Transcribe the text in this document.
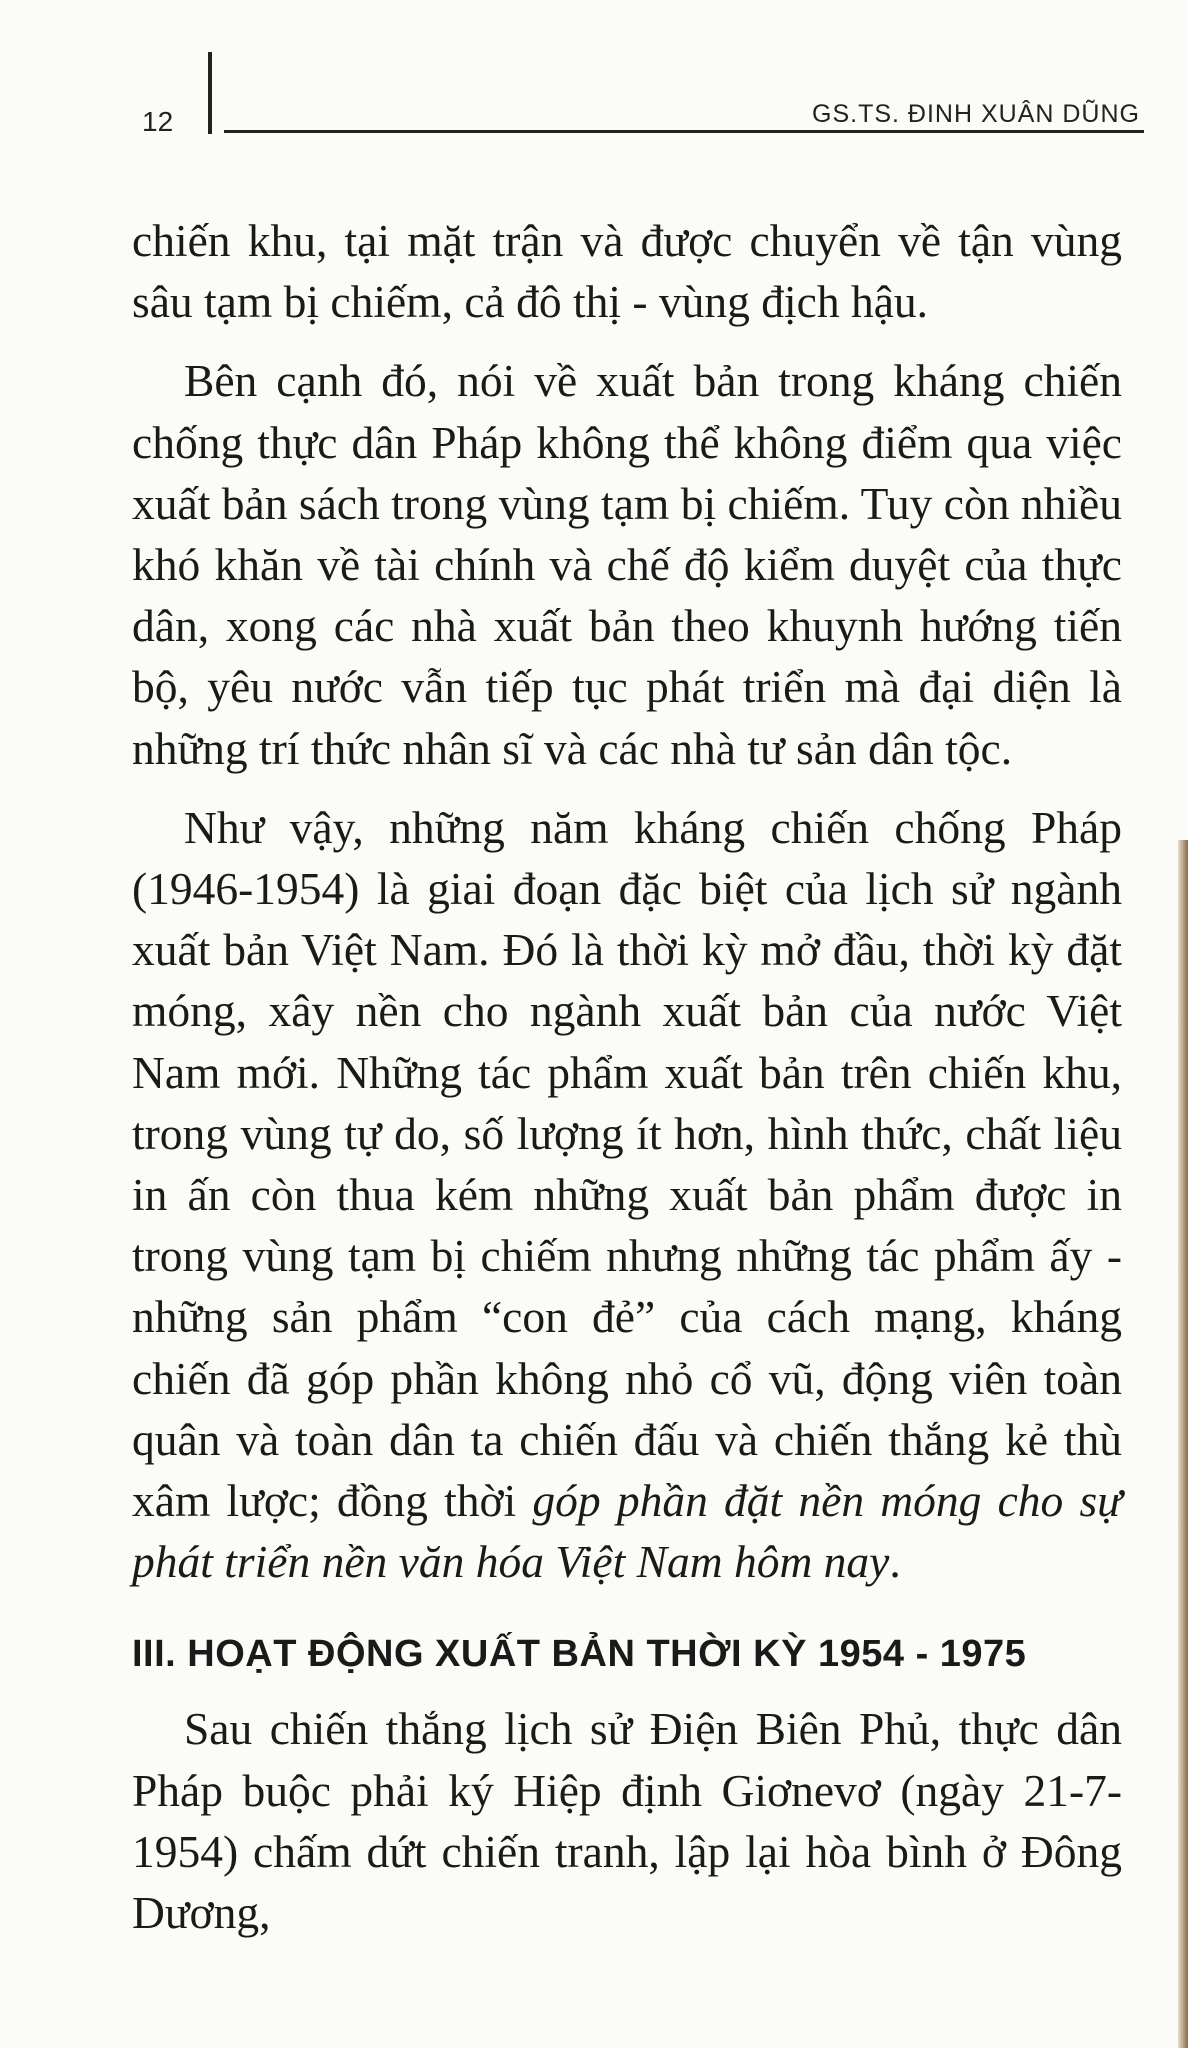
12	GS.TS. ĐINH XUÂN DŨNG

chiến khu, tại mặt trận và được chuyển về tận vùng sâu tạm bị chiếm, cả đô thị - vùng địch hậu.

Bên cạnh đó, nói về xuất bản trong kháng chiến chống thực dân Pháp không thể không điểm qua việc xuất bản sách trong vùng tạm bị chiếm. Tuy còn nhiều khó khăn về tài chính và chế độ kiểm duyệt của thực dân, xong các nhà xuất bản theo khuynh hướng tiến bộ, yêu nước vẫn tiếp tục phát triển mà đại diện là những trí thức nhân sĩ và các nhà tư sản dân tộc.

Như vậy, những năm kháng chiến chống Pháp (1946-1954) là giai đoạn đặc biệt của lịch sử ngành xuất bản Việt Nam. Đó là thời kỳ mở đầu, thời kỳ đặt móng, xây nền cho ngành xuất bản của nước Việt Nam mới. Những tác phẩm xuất bản trên chiến khu, trong vùng tự do, số lượng ít hơn, hình thức, chất liệu in ấn còn thua kém những xuất bản phẩm được in trong vùng tạm bị chiếm nhưng những tác phẩm ấy - những sản phẩm “con đẻ” của cách mạng, kháng chiến đã góp phần không nhỏ cổ vũ, động viên toàn quân và toàn dân ta chiến đấu và chiến thắng kẻ thù xâm lược; đồng thời góp phần đặt nền móng cho sự phát triển nền văn hóa Việt Nam hôm nay.

III. HOẠT ĐỘNG XUẤT BẢN THỜI KỲ 1954 - 1975

Sau chiến thắng lịch sử Điện Biên Phủ, thực dân Pháp buộc phải ký Hiệp định Giơnevơ (ngày 21-7-1954) chấm dứt chiến tranh, lập lại hòa bình ở Đông Dương,
